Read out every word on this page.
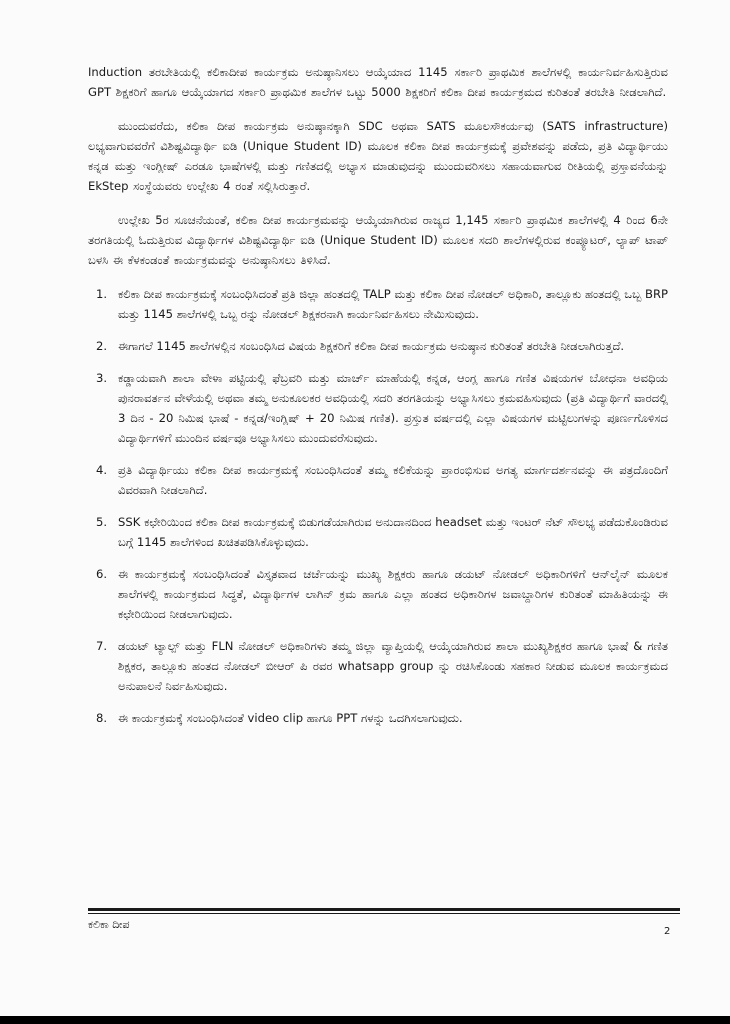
Induction ತರಬೇತಿಯಲ್ಲಿ ಕಲಿಕಾದೀಪ ಕಾರ್ಯಕ್ರಮ ಅನುಷ್ಠಾನಿಸಲು ಆಯ್ಕೆಯಾದ 1145 ಸರ್ಕಾರಿ ಪ್ರಾಥಮಿಕ ಶಾಲೆಗಳಲ್ಲಿ ಕಾರ್ಯನಿರ್ವಹಿಸುತ್ತಿರುವ GPT ಶಿಕ್ಷಕರಿಗೆ ಹಾಗೂ ಆಯ್ಕೆಯಾಗದ ಸರ್ಕಾರಿ ಪ್ರಾಥಮಿಕ ಶಾಲೆಗಳ ಒಟ್ಟು 5000 ಶಿಕ್ಷಕರಿಗೆ ಕಲಿಕಾ ದೀಪ ಕಾರ್ಯಕ್ರಮದ ಕುರಿತಂತೆ ತರಬೇತಿ ನೀಡಲಾಗಿದೆ.

ಮುಂದುವರೆದು, ಕಲಿಕಾ ದೀಪ ಕಾರ್ಯಕ್ರಮ ಅನುಷ್ಠಾನಕ್ಕಾಗಿ SDC ಅಥವಾ SATS ಮೂಲಸೌಕರ್ಯವು (SATS infrastructure) ಲಭ್ಯವಾಗುವವರೆಗೆ ವಿಶಿಷ್ಟವಿದ್ಯಾರ್ಥಿ ಐಡಿ (Unique Student ID) ಮೂಲಕ ಕಲಿಕಾ ದೀಪ ಕಾರ್ಯಕ್ರಮಕ್ಕೆ ಪ್ರವೇಶವನ್ನು ಪಡೆದು, ಪ್ರತಿ ವಿದ್ಯಾರ್ಥಿಯು ಕನ್ನಡ ಮತ್ತು ಇಂಗ್ಲೀಷ್ ಎರಡೂ ಭಾಷೆಗಳಲ್ಲಿ ಮತ್ತು ಗಣಿತದಲ್ಲಿ ಅಭ್ಯಾಸ ಮಾಡುವುದನ್ನು ಮುಂದುವರಿಸಲು ಸಹಾಯವಾಗುವ ರೀತಿಯಲ್ಲಿ ಪ್ರಸ್ತಾವನೆಯನ್ನು EkStep ಸಂಸ್ಥೆಯವರು ಉಲ್ಲೇಖ 4 ರಂತೆ ಸಲ್ಲಿಸಿರುತ್ತಾರೆ.

ಉಲ್ಲೇಖ 5ರ ಸೂಚನೆಯಂತೆ, ಕಲಿಕಾ ದೀಪ ಕಾರ್ಯಕ್ರಮವನ್ನು ಆಯ್ಕೆಯಾಗಿರುವ ರಾಜ್ಯದ 1,145 ಸರ್ಕಾರಿ ಪ್ರಾಥಮಿಕ ಶಾಲೆಗಳಲ್ಲಿ 4 ರಿಂದ 6ನೇ ತರಗತಿಯಲ್ಲಿ ಓದುತ್ತಿರುವ ವಿದ್ಯಾರ್ಥಿಗಳ ವಿಶಿಷ್ಟವಿದ್ಯಾರ್ಥಿ ಐಡಿ (Unique Student ID) ಮೂಲಕ ಸದರಿ ಶಾಲೆಗಳಲ್ಲಿರುವ ಕಂಪ್ಯೂಟರ್, ಲ್ಯಾಪ್ ಟಾಪ್ ಬಳಸಿ ಈ ಕೆಳಕಂಡಂತೆ ಕಾರ್ಯಕ್ರಮವನ್ನು ಅನುಷ್ಠಾನಿಸಲು ತಿಳಿಸಿದೆ.

1. ಕಲಿಕಾ ದೀಪ ಕಾರ್ಯಕ್ರಮಕ್ಕೆ ಸಂಬಂಧಿಸಿದಂತೆ ಪ್ರತಿ ಜಿಲ್ಲಾ ಹಂತದಲ್ಲಿ TALP ಮತ್ತು ಕಲಿಕಾ ದೀಪ ನೋಡಲ್ ಅಧಿಕಾರಿ, ತಾಲ್ಲೂಕು ಹಂತದಲ್ಲಿ ಒಬ್ಬ BRP ಮತ್ತು 1145 ಶಾಲೆಗಳಲ್ಲಿ ಒಬ್ಬ ರನ್ನು ನೋಡಲ್ ಶಿಕ್ಷಕರನಾಗಿ ಕಾರ್ಯನಿರ್ವಹಿಸಲು ನೇಮಿಸುವುದು.
2. ಈಗಾಗಲೆ 1145 ಶಾಲೆಗಳಲ್ಲಿನ ಸಂಬಂಧಿಸಿದ ವಿಷಯ ಶಿಕ್ಷಕರಿಗೆ ಕಲಿಕಾ ದೀಪ ಕಾರ್ಯಕ್ರಮ ಅನುಷ್ಠಾನ ಕುರಿತಂತೆ ತರಬೇತಿ ನೀಡಲಾಗಿರುತ್ತದೆ.
3. ಕಡ್ಡಾಯವಾಗಿ ಶಾಲಾ ವೇಳಾ ಪಟ್ಟಿಯಲ್ಲಿ ಫೆಬ್ರವರಿ ಮತ್ತು ಮಾರ್ಚ್ ಮಾಹೆಯಲ್ಲಿ ಕನ್ನಡ, ಆಂಗ್ಲ ಹಾಗೂ ಗಣಿತ ವಿಷಯಗಳ ಬೋಧನಾ ಅವಧಿಯ ಪುನರಾವರ್ತನ ವೇಳೆಯಲ್ಲಿ ಅಥವಾ ತಮ್ಮ ಅನುಕೂಲಕರ ಅವಧಿಯಲ್ಲಿ ಸದರಿ ತರಗತಿಯನ್ನು ಅಭ್ಯಾಸಿಸಲು ಕ್ರಮವಹಿಸುವುದು (ಪ್ರತಿ ವಿದ್ಯಾರ್ಥಿಗೆ ವಾರದಲ್ಲಿ 3 ದಿನ - 20 ನಿಮಿಷ ಭಾಷೆ - ಕನ್ನಡ/ಇಂಗ್ಲಿಷ್ + 20 ನಿಮಿಷ ಗಣಿತ). ಪ್ರಸ್ತುತ ವರ್ಷದಲ್ಲಿ ಎಲ್ಲಾ ವಿಷಯಗಳ ಮಟ್ಟಿಲುಗಳನ್ನು ಪೂರ್ಣಗೊಳಿಸದ ವಿದ್ಯಾರ್ಥಿಗಳಿಗೆ ಮುಂದಿನ ವರ್ಷವೂ ಅಭ್ಯಾಸಿಸಲು ಮುಂದುವರೆಸುವುದು.
4. ಪ್ರತಿ ವಿದ್ಯಾರ್ಥಿಯು ಕಲಿಕಾ ದೀಪ ಕಾರ್ಯಕ್ರಮಕ್ಕೆ ಸಂಬಂಧಿಸಿದಂತೆ ತಮ್ಮ ಕಲಿಕೆಯನ್ನು ಪ್ರಾರಂಭಿಸುವ ಅಗತ್ಯ ಮಾರ್ಗದರ್ಶನವನ್ನು ಈ ಪತ್ರದೊಂದಿಗೆ ವಿವರವಾಗಿ ನೀಡಲಾಗಿದೆ.
5. SSK ಕಛೇರಿಯಿಂದ ಕಲಿಕಾ ದೀಪ ಕಾರ್ಯಕ್ರಮಕ್ಕೆ ಬಿಡುಗಡೆಯಾಗಿರುವ ಅನುದಾನದಿಂದ headset ಮತ್ತು ಇಂಟರ್ ನೆಟ್ ಸೌಲಭ್ಯ ಪಡೆದುಕೊಂಡಿರುವ ಬಗ್ಗೆ 1145 ಶಾಲೆಗಳಿಂದ ಖಚಿತಪಡಿಸಿಕೊಳ್ಳುವುದು.
6. ಈ ಕಾರ್ಯಕ್ರಮಕ್ಕೆ ಸಂಬಂಧಿಸಿದಂತೆ ವಿಸ್ತೃತವಾದ ಚರ್ಚೆಯನ್ನು ಮುಖ್ಯ ಶಿಕ್ಷಕರು ಹಾಗೂ ಡಯಟ್ ನೋಡಲ್ ಅಧಿಕಾರಿಗಳಿಗೆ ಆನ್‌ಲೈನ್ ಮೂಲಕ ಶಾಲೆಗಳಲ್ಲಿ ಕಾರ್ಯಕ್ರಮದ ಸಿದ್ಧತೆ, ವಿದ್ಯಾರ್ಥಿಗಳ ಲಾಗಿನ್ ಕ್ರಮ ಹಾಗೂ ಎಲ್ಲಾ ಹಂತದ ಅಧಿಕಾರಿಗಳ ಜವಾಬ್ದಾರಿಗಳ ಕುರಿತಂತೆ ಮಾಹಿತಿಯನ್ನು ಈ ಕಛೇರಿಯಿಂದ ನೀಡಲಾಗುವುದು.
7. ಡಯಟ್ ಟ್ಯಾಲ್ಪ್ ಮತ್ತು FLN ನೋಡಲ್ ಅಧಿಕಾರಿಗಳು ತಮ್ಮ ಜಿಲ್ಲಾ ವ್ಯಾಪ್ತಿಯಲ್ಲಿ ಆಯ್ಕೆಯಾಗಿರುವ ಶಾಲಾ ಮುಖ್ಯಶಿಕ್ಷಕರ ಹಾಗೂ ಭಾಷೆ & ಗಣಿತ ಶಿಕ್ಷಕರ, ತಾಲ್ಲೂಕು ಹಂತದ ನೋಡಲ್ ಬೀಆರ್ ಪಿ ರವರ whatsapp group ನ್ನು ರಚಿಸಿಕೊಂಡು ಸಹಕಾರ ನೀಡುವ ಮೂಲಕ ಕಾರ್ಯಕ್ರಮದ ಅನುಪಾಲನೆ ನಿರ್ವಹಿಸುವುದು.
8. ಈ ಕಾರ್ಯಕ್ರಮಕ್ಕೆ ಸಂಬಂಧಿಸಿದಂತೆ video clip ಹಾಗೂ PPT ಗಳನ್ನು ಒದಗಿಸಲಾಗುವುದು.
ಕಲಿಕಾ ದೀಪ
2
